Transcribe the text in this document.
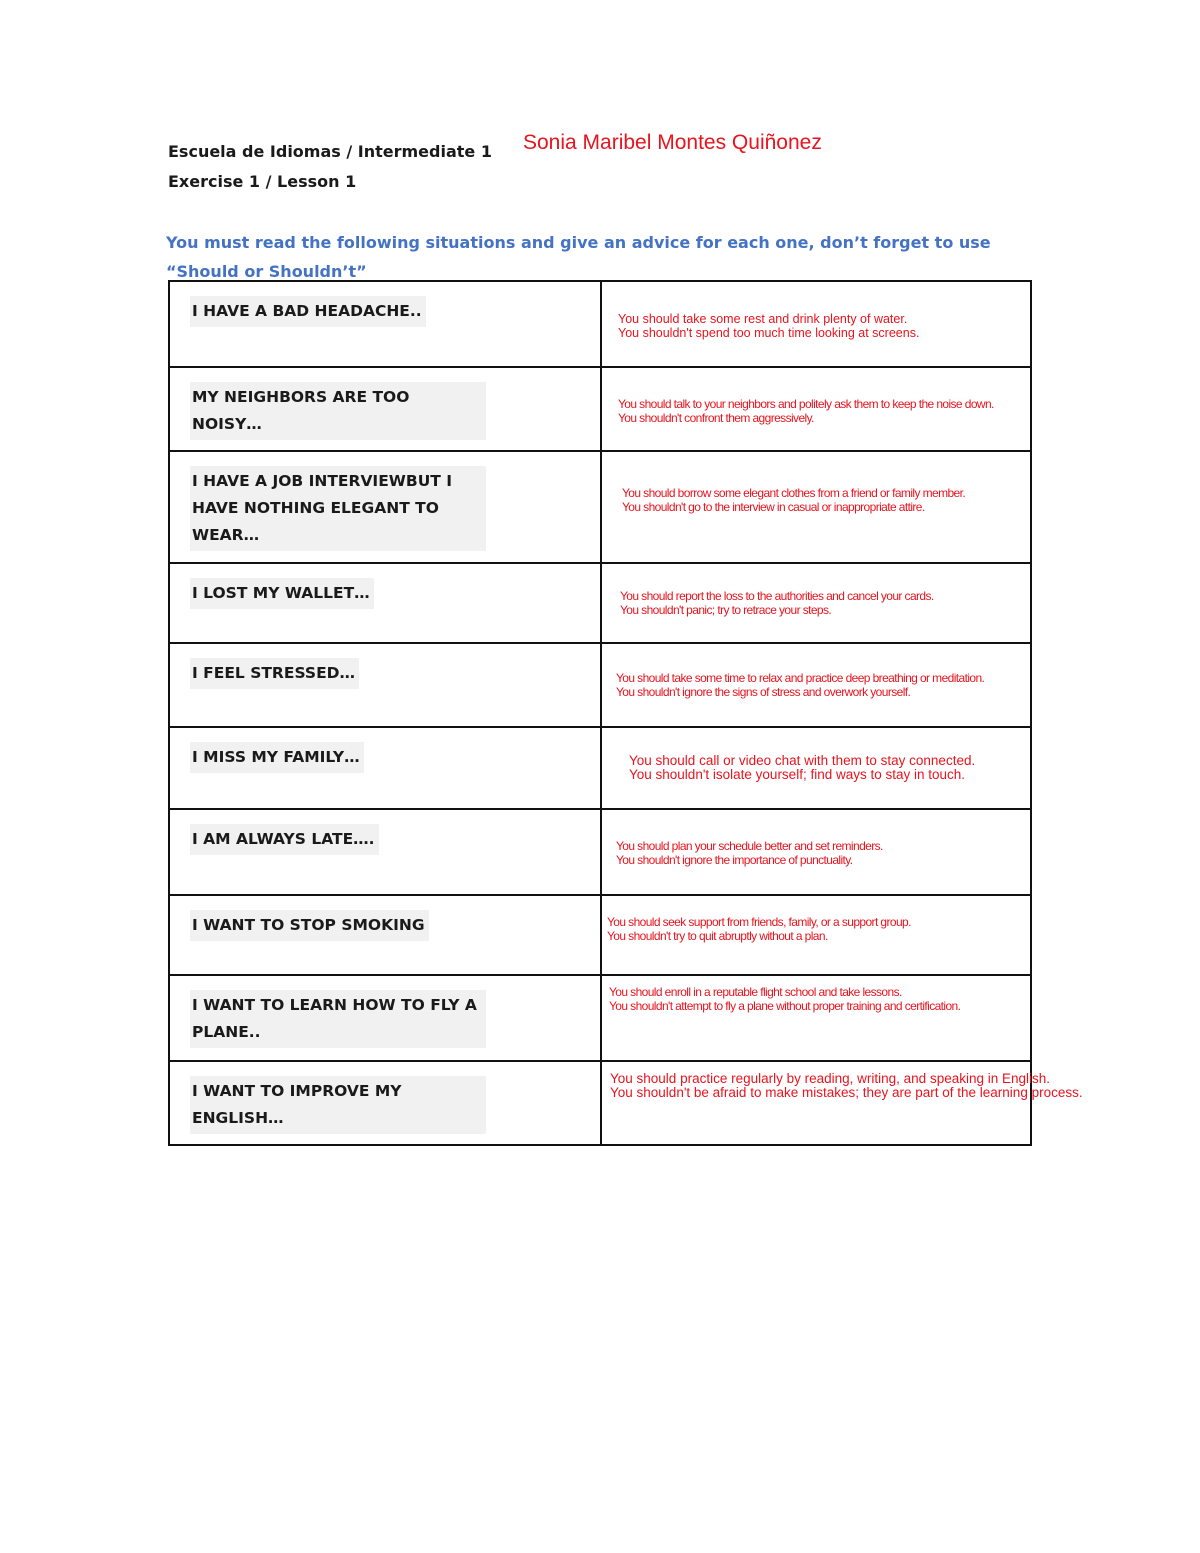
Escuela de Idiomas / Intermediate 1
Exercise 1 / Lesson 1
Sonia Maribel Montes Quiñonez
You must read the following situations and give an advice for each one, don’t forget to use
“Should or Shouldn’t”
I HAVE A BAD HEADACHE..	You should take some rest and drink plenty of water.
You shouldn't spend too much time looking at screens.

MY NEIGHBORS ARE TOO NOISY…	You should talk to your neighbors and politely ask them to keep the noise down.
You shouldn't confront them aggressively.

I HAVE A JOB INTERVIEWBUT I HAVE NOTHING ELEGANT TO WEAR…	You should borrow some elegant clothes from a friend or family member.
You shouldn't go to the interview in casual or inappropriate attire.

I LOST MY WALLET…	You should report the loss to the authorities and cancel your cards.
You shouldn't panic; try to retrace your steps.

I FEEL STRESSED…	You should take some time to relax and practice deep breathing or meditation.
You shouldn't ignore the signs of stress and overwork yourself.

I MISS MY FAMILY…	You should call or video chat with them to stay connected.
You shouldn't isolate yourself; find ways to stay in touch.

I AM ALWAYS LATE….	You should plan your schedule better and set reminders.
You shouldn't ignore the importance of punctuality.

I WANT TO STOP SMOKING	You should seek support from friends, family, or a support group.
You shouldn't try to quit abruptly without a plan.

I WANT TO LEARN HOW TO FLY A PLANE..	You should enroll in a reputable flight school and take lessons.
You shouldn't attempt to fly a plane without proper training and certification.

I WANT TO IMPROVE MY ENGLISH…	You should practice regularly by reading, writing, and speaking in English.
You shouldn't be afraid to make mistakes; they are part of the learning process.
